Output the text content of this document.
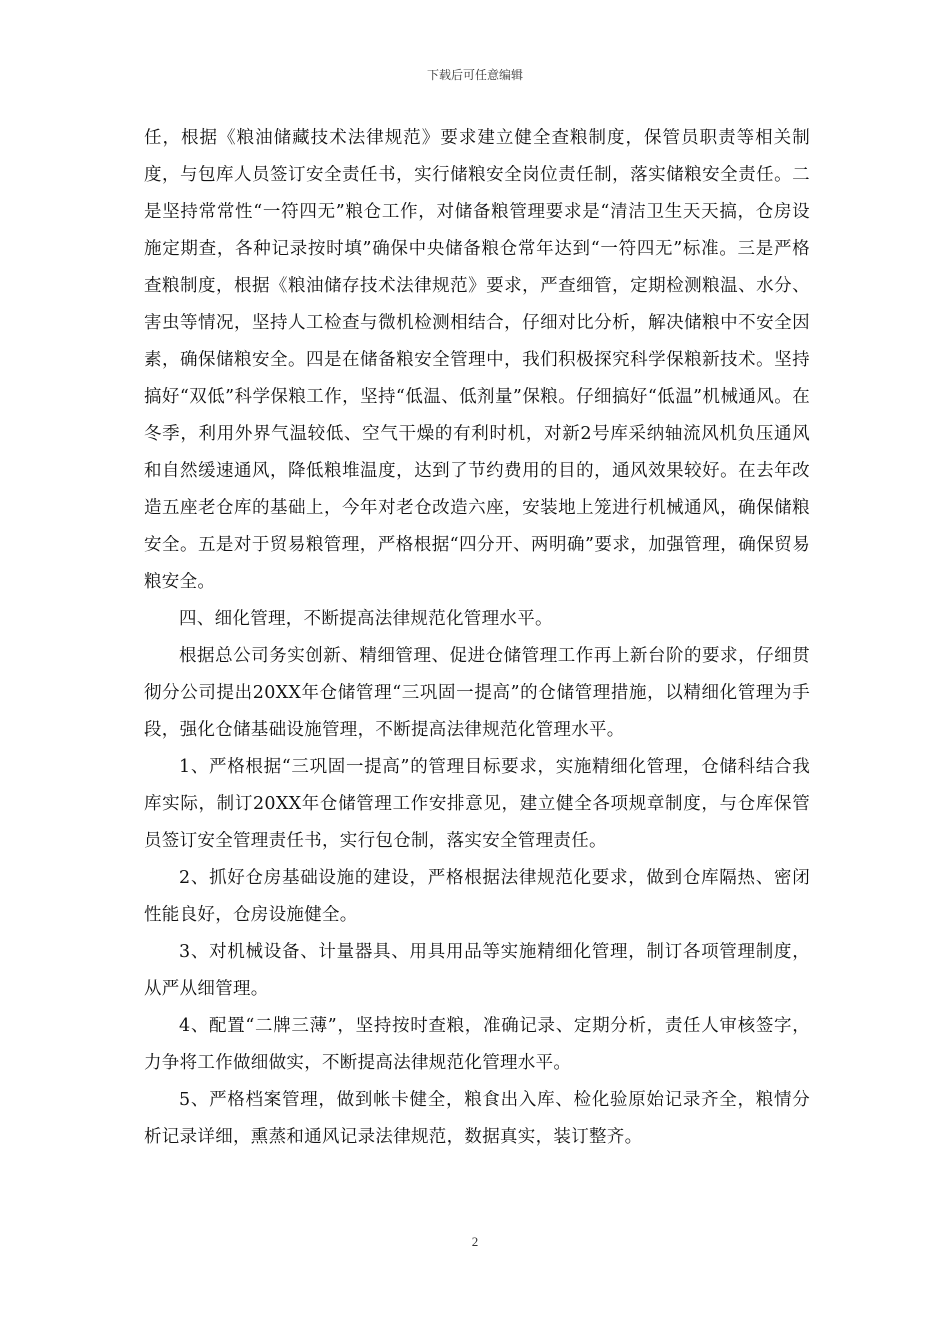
下载后可任意编辑

任，根据《粮油储藏技术法律规范》要求建立健全查粮制度，保管员职责等相关制度，与包库人员签订安全责任书，实行储粮安全岗位责任制，落实储粮安全责任。二是坚持常常性“一符四无”粮仓工作，对储备粮管理要求是“清洁卫生天天搞，仓房设施定期查，各种记录按时填”确保中央储备粮仓常年达到“一符四无”标准。三是严格查粮制度，根据《粮油储存技术法律规范》要求，严查细管，定期检测粮温、水分、害虫等情况，坚持人工检查与微机检测相结合，仔细对比分析，解决储粮中不安全因素，确保储粮安全。四是在储备粮安全管理中，我们积极探究科学保粮新技术。坚持搞好“双低”科学保粮工作，坚持“低温、低剂量”保粮。仔细搞好“低温”机械通风。在冬季，利用外界气温较低、空气干燥的有利时机，对新2号库采纳轴流风机负压通风和自然缓速通风，降低粮堆温度，达到了节约费用的目的，通风效果较好。在去年改造五座老仓库的基础上，今年对老仓改造六座，安装地上笼进行机械通风，确保储粮安全。五是对于贸易粮管理，严格根据“四分开、两明确”要求，加强管理，确保贸易粮安全。

四、细化管理，不断提高法律规范化管理水平。

根据总公司务实创新、精细管理、促进仓储管理工作再上新台阶的要求，仔细贯彻分公司提出20XX年仓储管理“三巩固一提高”的仓储管理措施，以精细化管理为手段，强化仓储基础设施管理，不断提高法律规范化管理水平。

1、严格根据“三巩固一提高”的管理目标要求，实施精细化管理，仓储科结合我库实际，制订20XX年仓储管理工作安排意见，建立健全各项规章制度，与仓库保管员签订安全管理责任书，实行包仓制，落实安全管理责任。

2、抓好仓房基础设施的建设，严格根据法律规范化要求，做到仓库隔热、密闭性能良好，仓房设施健全。

3、对机械设备、计量器具、用具用品等实施精细化管理，制订各项管理制度，从严从细管理。

4、配置“二牌三薄”，坚持按时查粮，准确记录、定期分析，责任人审核签字，力争将工作做细做实，不断提高法律规范化管理水平。

5、严格档案管理，做到帐卡健全，粮食出入库、检化验原始记录齐全，粮情分析记录详细，熏蒸和通风记录法律规范，数据真实，装订整齐。

2
